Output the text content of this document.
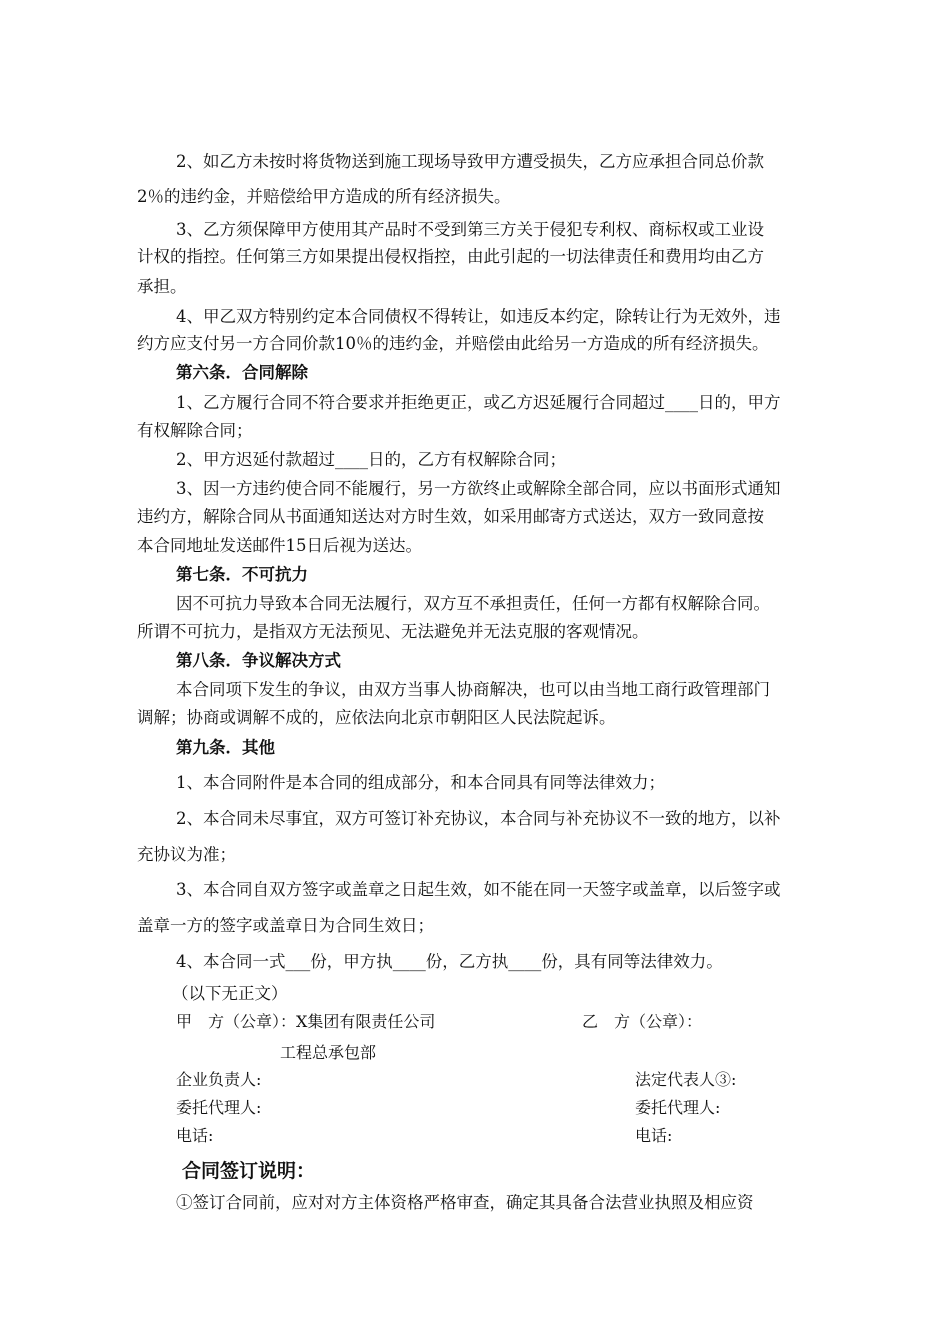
2、如乙方未按时将货物送到施工现场导致甲方遭受损失，乙方应承担合同总价款
2％的违约金，并赔偿给甲方造成的所有经济损失。
3、乙方须保障甲方使用其产品时不受到第三方关于侵犯专利权、商标权或工业设
计权的指控。任何第三方如果提出侵权指控，由此引起的一切法律责任和费用均由乙方
承担。
4、甲乙双方特别约定本合同债权不得转让，如违反本约定，除转让行为无效外，违
约方应支付另一方合同价款10％的违约金，并赔偿由此给另一方造成的所有经济损失。
第六条．合同解除
1、乙方履行合同不符合要求并拒绝更正，或乙方迟延履行合同超过____日的，甲方
有权解除合同；
2、甲方迟延付款超过____日的，乙方有权解除合同；
3、因一方违约使合同不能履行，另一方欲终止或解除全部合同，应以书面形式通知
违约方，解除合同从书面通知送达对方时生效，如采用邮寄方式送达，双方一致同意按
本合同地址发送邮件15日后视为送达。
第七条．不可抗力
因不可抗力导致本合同无法履行，双方互不承担责任，任何一方都有权解除合同。
所谓不可抗力，是指双方无法预见、无法避免并无法克服的客观情况。
第八条．争议解决方式
本合同项下发生的争议，由双方当事人协商解决，也可以由当地工商行政管理部门
调解；协商或调解不成的，应依法向北京市朝阳区人民法院起诉。
第九条．其他
1、本合同附件是本合同的组成部分，和本合同具有同等法律效力；
2、本合同未尽事宜，双方可签订补充协议，本合同与补充协议不一致的地方，以补
充协议为准；
3、本合同自双方签字或盖章之日起生效，如不能在同一天签字或盖章，以后签字或
盖章一方的签字或盖章日为合同生效日；
4、本合同一式___份，甲方执____份，乙方执____份，具有同等法律效力。
（以下无正文）
甲　方（公章）：X集团有限责任公司	乙　方（公章）：
工程总承包部
企业负责人:	法定代表人③:
委托代理人:	委托代理人:
电话:	电话:
合同签订说明：
①签订合同前，应对对方主体资格严格审查，确定其具备合法营业执照及相应资
